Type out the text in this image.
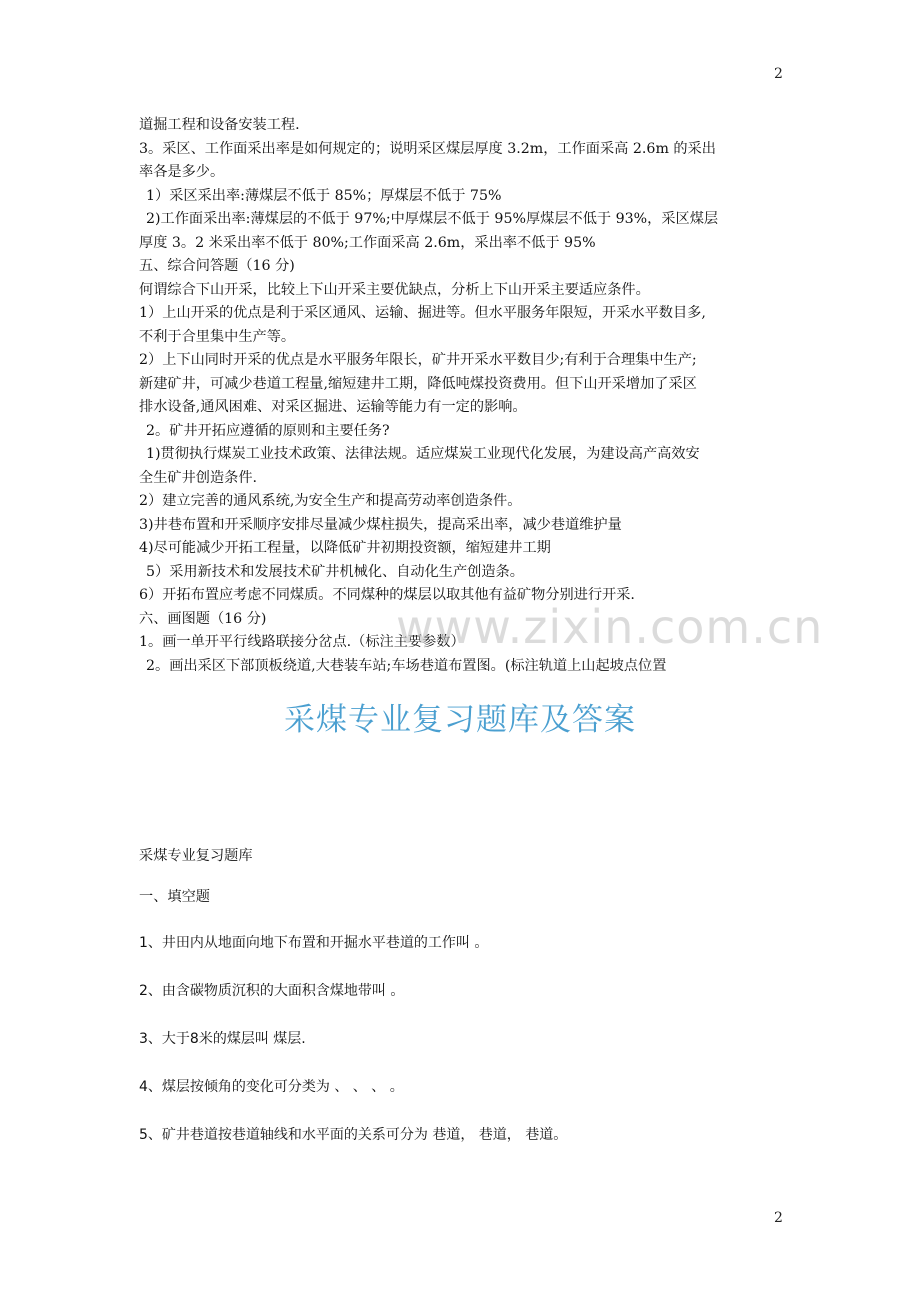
2

道掘工程和设备安装工程.

3。采区、工作面采出率是如何规定的；说明采区煤层厚度 3.2m，工作面采高 2.6m 的采出

率各是多少。

1）采区采出率:薄煤层不低于 85%；厚煤层不低于 75%

2)工作面采出率:薄煤层的不低于 97%;中厚煤层不低于 95%厚煤层不低于 93%，采区煤层

厚度 3。2 米采出率不低于 80%;工作面采高 2.6m，采出率不低于 95%

五、综合问答题（16 分)

何谓综合下山开采，比较上下山开采主要优缺点，分析上下山开采主要适应条件。

1）上山开采的优点是利于采区通风、运输、掘进等。但水平服务年限短，开采水平数目多,

不利于合里集中生产等。

2）上下山同时开采的优点是水平服务年限长，矿井开采水平数目少;有利于合理集中生产;

新建矿井，可减少巷道工程量,缩短建井工期，降低吨煤投资费用。但下山开采增加了采区

排水设备,通风困难、对采区掘进、运输等能力有一定的影响。

2。矿井开拓应遵循的原则和主要任务?

1)贯彻执行煤炭工业技术政策、法律法规。适应煤炭工业现代化发展，为建设高产高效安

全生矿井创造条件.

2）建立完善的通风系统,为安全生产和提高劳动率创造条件。

3)井巷布置和开采顺序安排尽量减少煤柱损失，提高采出率，减少巷道维护量

4)尽可能减少开拓工程量，以降低矿井初期投资额，缩短建井工期

5）采用新技术和发展技术矿井机械化、自动化生产创造条。

6）开拓布置应考虑不同煤质。不同煤种的煤层以取其他有益矿物分别进行开采.

六、画图题（16 分)

1。画一单开平行线路联接分岔点.（标注主要参数）

2。画出采区下部顶板绕道,大巷装车站;车场巷道布置图。(标注轨道上山起坡点位置

www.zixin.com.cn
采煤专业复习题库及答案
采煤专业复习题库
一、填空题

1、井田内从地面向地下布置和开掘水平巷道的工作叫 。

2、由含碳物质沉积的大面积含煤地带叫 。

3、大于8米的煤层叫 煤层.

4、煤层按倾角的变化可分类为 、 、 、 。

5、矿井巷道按巷道轴线和水平面的关系可分为 巷道， 巷道， 巷道。

2
